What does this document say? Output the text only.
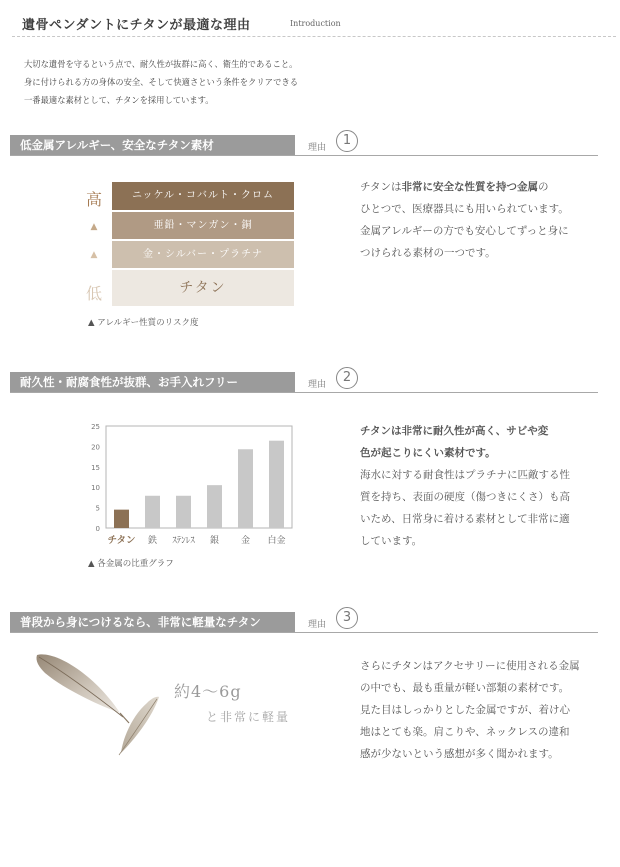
遺骨ペンダントにチタンが最適な理由	Introduction
大切な遺骨を守るという点で、耐久性が抜群に高く、衛生的であること。
身に付けられる方の身体の安全、そして快適さという条件をクリアできる
一番最適な素材として、チタンを採用しています。
低金属アレルギー、安全なチタン素材	理由	1
高
▲
▲
低
ニッケル・コバルト・クロム
亜鉛・マンガン・銅
金・シルバー・プラチナ
チタン
▲ アレルギー性質のリスク度
チタンは非常に安全な性質を持つ金属の
ひとつで、医療器具にも用いられています。
金属アレルギーの方でも安心してずっと身に
つけられる素材の一つです。
耐久性・耐腐食性が抜群、お手入れフリー	理由	2
0
5
10
15
20
25
チタン 鉄 ｽﾃﾝﾚｽ 銀 金 白金
▲ 各金属の比重グラフ
チタンは非常に耐久性が高く、サビや変
色が起こりにくい素材です。
海水に対する耐食性はプラチナに匹敵する性
質を持ち、表面の硬度（傷つきにくさ）も高
いため、日常身に着ける素材として非常に適
しています。
普段から身につけるなら、非常に軽量なチタン	理由	3
約4～6g
と非常に軽量
さらにチタンはアクセサリーに使用される金属
の中でも、最も重量が軽い部類の素材です。
見た目はしっかりとした金属ですが、着け心
地はとても楽。肩こりや、ネックレスの違和
感が少ないという感想が多く聞かれます。
